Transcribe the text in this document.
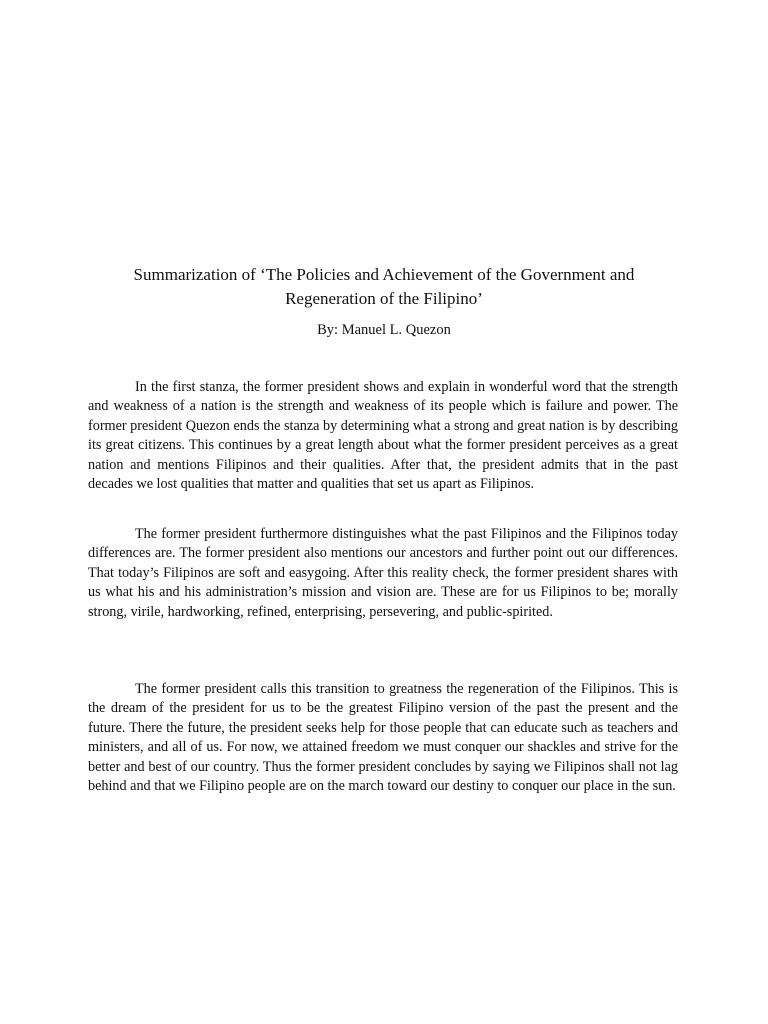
Summarization of ‘The Policies and Achievement of the Government and
Regeneration of the Filipino’

By: Manuel L. Quezon

In the first stanza, the former president shows and explain in wonderful word that the strength and weakness of a nation is the strength and weakness of its people which is failure and power. The former president Quezon ends the stanza by determining what a strong and great nation is by describing its great citizens. This continues by a great length about what the former president perceives as a great nation and mentions Filipinos and their qualities. After that, the president admits that in the past decades we lost qualities that matter and qualities that set us apart as Filipinos.

The former president furthermore distinguishes what the past Filipinos and the Filipinos today differences are. The former president also mentions our ancestors and further point out our differences. That today’s Filipinos are soft and easygoing. After this reality check, the former president shares with us what his and his administration’s mission and vision are. These are for us Filipinos to be; morally strong, virile, hardworking, refined, enterprising, persevering, and public-spirited.

The former president calls this transition to greatness the regeneration of the Filipinos. This is the dream of the president for us to be the greatest Filipino version of the past the present and the future. There the future, the president seeks help for those people that can educate such as teachers and ministers, and all of us. For now, we attained freedom we must conquer our shackles and strive for the better and best of our country. Thus the former president concludes by saying we Filipinos shall not lag behind and that we Filipino people are on the march toward our destiny to conquer our place in the sun.
